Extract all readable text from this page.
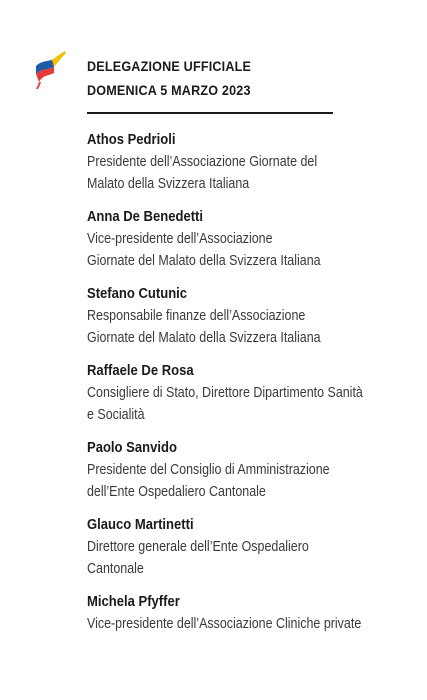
DELEGAZIONE UFFICIALE
DOMENICA 5 MARZO 2023
Athos Pedrioli
Presidente dell’Associazione Giornate del
Malato della Svizzera Italiana
Anna De Benedetti
Vice-presidente dell’Associazione
Giornate del Malato della Svizzera Italiana
Stefano Cutunic
Responsabile finanze dell’Associazione
Giornate del Malato della Svizzera Italiana
Raffaele De Rosa
Consigliere di Stato, Direttore Dipartimento Sanità
e Socialità
Paolo Sanvido
Presidente del Consiglio di Amministrazione
dell’Ente Ospedaliero Cantonale
Glauco Martinetti
Direttore generale dell’Ente Ospedaliero
Cantonale
Michela Pfyffer
Vice-presidente dell’Associazione Cliniche private
